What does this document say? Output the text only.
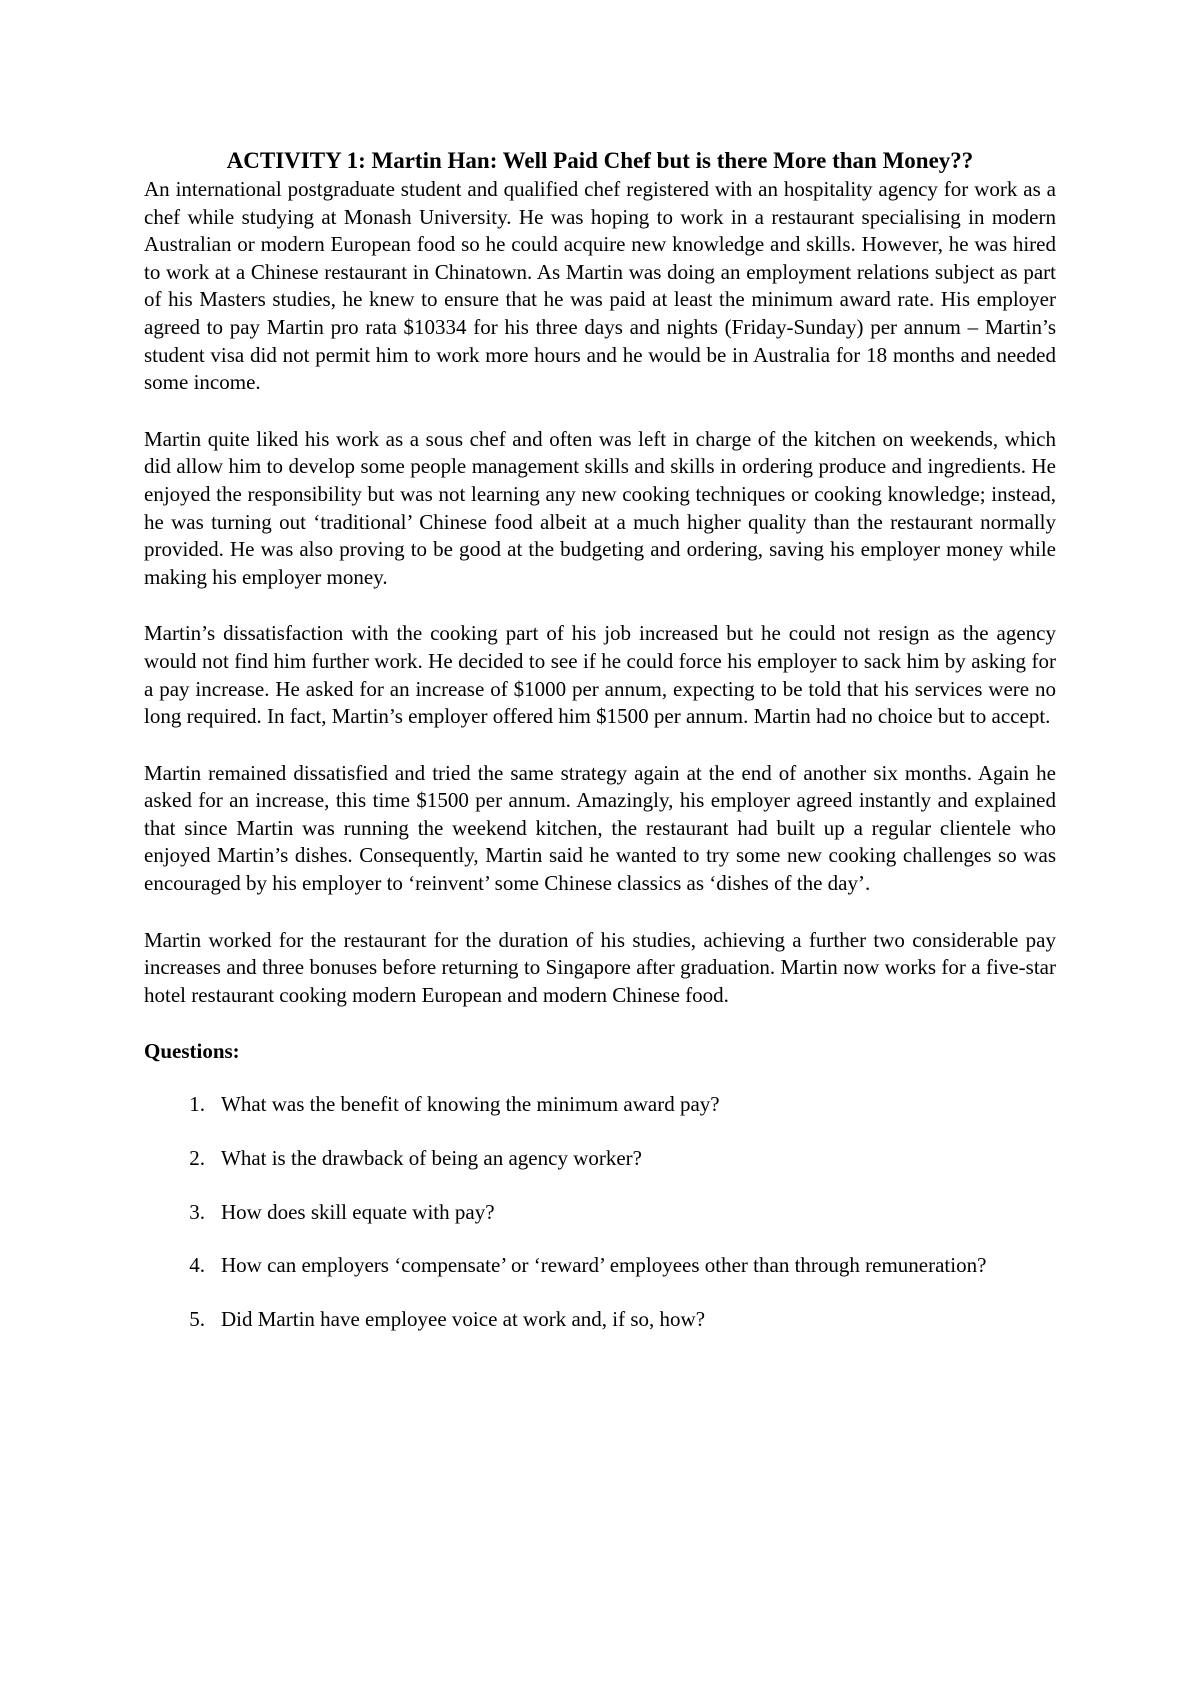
ACTIVITY 1: Martin Han: Well Paid Chef but is there More than Money??

An international postgraduate student and qualified chef registered with an hospitality agency for work as a chef while studying at Monash University. He was hoping to work in a restaurant specialising in modern Australian or modern European food so he could acquire new knowledge and skills. However, he was hired to work at a Chinese restaurant in Chinatown. As Martin was doing an employment relations subject as part of his Masters studies, he knew to ensure that he was paid at least the minimum award rate. His employer agreed to pay Martin pro rata $10334 for his three days and nights (Friday-Sunday) per annum – Martin’s student visa did not permit him to work more hours and he would be in Australia for 18 months and needed some income.

Martin quite liked his work as a sous chef and often was left in charge of the kitchen on weekends, which did allow him to develop some people management skills and skills in ordering produce and ingredients. He enjoyed the responsibility but was not learning any new cooking techniques or cooking knowledge; instead, he was turning out ‘traditional’ Chinese food albeit at a much higher quality than the restaurant normally provided. He was also proving to be good at the budgeting and ordering, saving his employer money while making his employer money.

Martin’s dissatisfaction with the cooking part of his job increased but he could not resign as the agency would not find him further work. He decided to see if he could force his employer to sack him by asking for a pay increase. He asked for an increase of $1000 per annum, expecting to be told that his services were no long required. In fact, Martin’s employer offered him $1500 per annum. Martin had no choice but to accept.

Martin remained dissatisfied and tried the same strategy again at the end of another six months. Again he asked for an increase, this time $1500 per annum. Amazingly, his employer agreed instantly and explained that since Martin was running the weekend kitchen, the restaurant had built up a regular clientele who enjoyed Martin’s dishes. Consequently, Martin said he wanted to try some new cooking challenges so was encouraged by his employer to ‘reinvent’ some Chinese classics as ‘dishes of the day’.

Martin worked for the restaurant for the duration of his studies, achieving a further two considerable pay increases and three bonuses before returning to Singapore after graduation. Martin now works for a five-star hotel restaurant cooking modern European and modern Chinese food.

Questions:
1. What was the benefit of knowing the minimum award pay?
2. What is the drawback of being an agency worker?
3. How does skill equate with pay?
4. How can employers ‘compensate’ or ‘reward’ employees other than through remuneration?
5. Did Martin have employee voice at work and, if so, how?
